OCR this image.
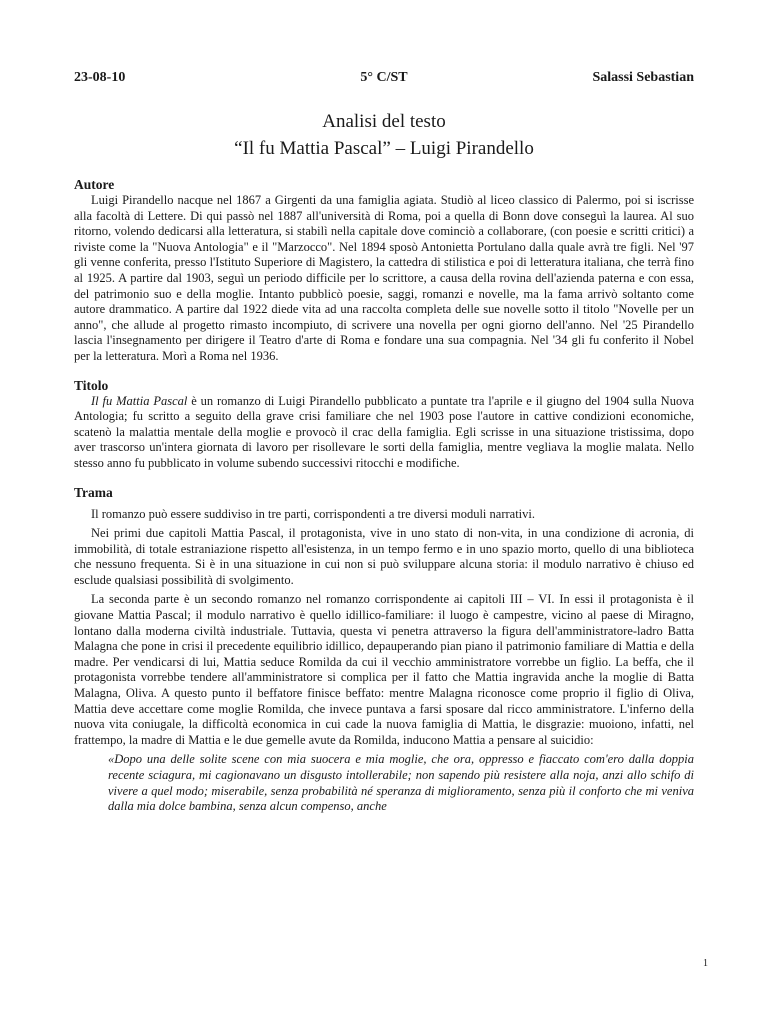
23-08-10	5° C/ST	Salassi Sebastian
Analisi del testo
“Il fu Mattia Pascal” – Luigi Pirandello
Autore

Luigi Pirandello nacque nel 1867 a Girgenti da una famiglia agiata. Studiò al liceo classico di Palermo, poi si iscrisse alla facoltà di Lettere. Di qui passò nel 1887 all'università di Roma, poi a quella di Bonn dove conseguì la laurea. Al suo ritorno, volendo dedicarsi alla letteratura, si stabilì nella capitale dove cominciò a collaborare, (con poesie e scritti critici) a riviste come la "Nuova Antologia" e il "Marzocco". Nel 1894 sposò Antonietta Portulano dalla quale avrà tre figli. Nel '97 gli venne conferita, presso l'Istituto Superiore di Magistero, la cattedra di stilistica e poi di letteratura italiana, che terrà fino al 1925. A partire dal 1903, seguì un periodo difficile per lo scrittore, a causa della rovina dell'azienda paterna e con essa, del patrimonio suo e della moglie. Intanto pubblicò poesie, saggi, romanzi e novelle, ma la fama arrivò soltanto come autore drammatico. A partire dal 1922 diede vita ad una raccolta completa delle sue novelle sotto il titolo "Novelle per un anno", che allude al progetto rimasto incompiuto, di scrivere una novella per ogni giorno dell'anno. Nel '25 Pirandello lascia l'insegnamento per dirigere il Teatro d'arte di Roma e fondare una sua compagnia. Nel '34 gli fu conferito il Nobel per la letteratura. Morì a Roma nel 1936.

Titolo

Il fu Mattia Pascal è un romanzo di Luigi Pirandello pubblicato a puntate tra l'aprile e il giugno del 1904 sulla Nuova Antologia; fu scritto a seguito della grave crisi familiare che nel 1903 pose l'autore in cattive condizioni economiche, scatenò la malattia mentale della moglie e provocò il crac della famiglia. Egli scrisse in una situazione tristissima, dopo aver trascorso un'intera giornata di lavoro per risollevare le sorti della famiglia, mentre vegliava la moglie malata. Nello stesso anno fu pubblicato in volume subendo successivi ritocchi e modifiche.

Trama

Il romanzo può essere suddiviso in tre parti, corrispondenti a tre diversi moduli narrativi.

Nei primi due capitoli Mattia Pascal, il protagonista, vive in uno stato di non-vita, in una condizione di acronia, di immobilità, di totale estraniazione rispetto all'esistenza, in un tempo fermo e in uno spazio morto, quello di una biblioteca che nessuno frequenta. Si è in una situazione in cui non si può sviluppare alcuna storia: il modulo narrativo è chiuso ed esclude qualsiasi possibilità di svolgimento.

La seconda parte è un secondo romanzo nel romanzo corrispondente ai capitoli III – VI. In essi il protagonista è il giovane Mattia Pascal; il modulo narrativo è quello idillico-familiare: il luogo è campestre, vicino al paese di Miragno, lontano dalla moderna civiltà industriale. Tuttavia, questa vi penetra attraverso la figura dell'amministratore-ladro Batta Malagna che pone in crisi il precedente equilibrio idillico, depauperando pian piano il patrimonio familiare di Mattia e della madre. Per vendicarsi di lui, Mattia seduce Romilda da cui il vecchio amministratore vorrebbe un figlio. La beffa, che il protagonista vorrebbe tendere all'amministratore si complica per il fatto che Mattia ingravida anche la moglie di Batta Malagna, Oliva. A questo punto il beffatore finisce beffato: mentre Malagna riconosce come proprio il figlio di Oliva, Mattia deve accettare come moglie Romilda, che invece puntava a farsi sposare dal ricco amministratore. L'inferno della nuova vita coniugale, la difficoltà economica in cui cade la nuova famiglia di Mattia, le disgrazie: muoiono, infatti, nel frattempo, la madre di Mattia e le due gemelle avute da Romilda, inducono Mattia a pensare al suicidio:

«Dopo una delle solite scene con mia suocera e mia moglie, che ora, oppresso e fiaccato com'ero dalla doppia recente sciagura, mi cagionavano un disgusto intollerabile; non sapendo più resistere alla noja, anzi allo schifo di vivere a quel modo; miserabile, senza probabilità né speranza di miglioramento, senza più il conforto che mi veniva dalla mia dolce bambina, senza alcun compenso, anche
1
